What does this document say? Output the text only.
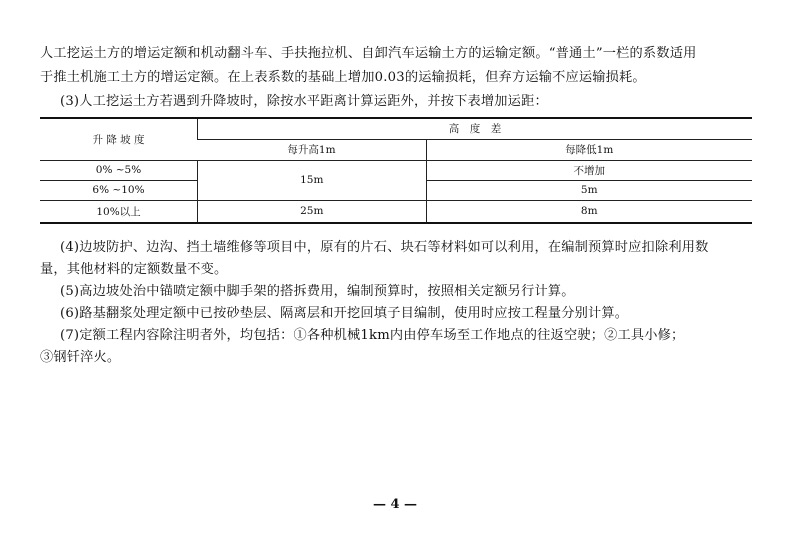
人工挖运土方的增运定额和机动翻斗车、手扶拖拉机、自卸汽车运输土方的运输定额。“普通土”一栏的系数适用

于推土机施工土方的增运定额。在上表系数的基础上增加0.03的运输损耗，但弃方运输不应运输损耗。

(3)人工挖运土方若遇到升降坡时，除按水平距离计算运距外，并按下表增加运距：

升 降 坡 度	高　度　差	
	每升高1m	每降低1m
0% ~5%	15m	不增加
6% ~10%		5m
10%以上	25m	8m

(4)边坡防护、边沟、挡土墙维修等项目中，原有的片石、块石等材料如可以利用，在编制预算时应扣除利用数

量，其他材料的定额数量不变。

(5)高边坡处治中锚喷定额中脚手架的搭拆费用，编制预算时，按照相关定额另行计算。

(6)路基翻浆处理定额中已按砂垫层、隔离层和开挖回填子目编制，使用时应按工程量分别计算。

(7)定额工程内容除注明者外，均包括：①各种机械1km内由停车场至工作地点的往返空驶；②工具小修；

③钢钎淬火。

— 4 —
